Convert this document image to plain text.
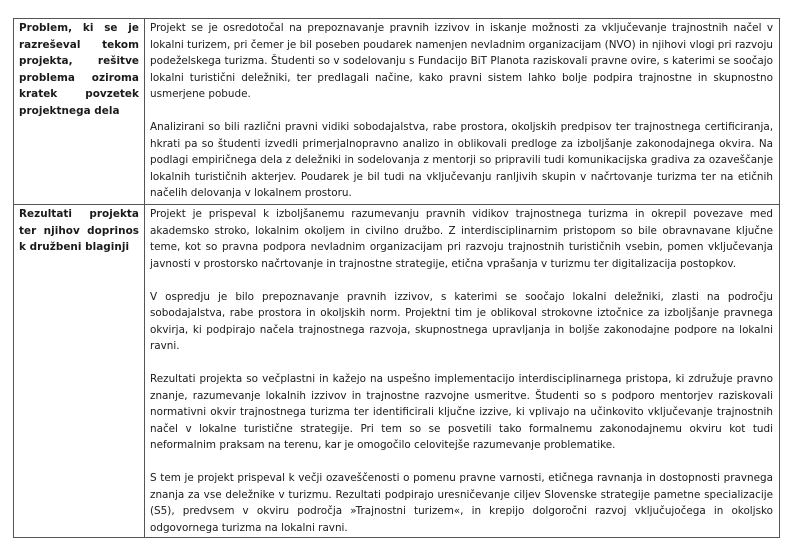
Problem, ki se je razreševal tekom projekta, rešitve problema oziroma kratek povzetek projektnega dela	Projekt se je osredotočal na prepoznavanje pravnih izzivov in iskanje možnosti za vključevanje trajnostnih načel v lokalni turizem, pri čemer je bil poseben poudarek namenjen nevladnim organizacijam (NVO) in njihovi vlogi pri razvoju podeželskega turizma. Študenti so v sodelovanju s Fundacijo BiT Planota raziskovali pravne ovire, s katerimi se soočajo lokalni turistični deležniki, ter predlagali načine, kako pravni sistem lahko bolje podpira trajnostne in skupnostno usmerjene pobude.

Analizirani so bili različni pravni vidiki sobodajalstva, rabe prostora, okoljskih predpisov ter trajnostnega certificiranja, hkrati pa so študenti izvedli primerjalnopravno analizo in oblikovali predloge za izboljšanje zakonodajnega okvira. Na podlagi empiričnega dela z deležniki in sodelovanja z mentorji so pripravili tudi komunikacijska gradiva za ozaveščanje lokalnih turističnih akterjev. Poudarek je bil tudi na vključevanju ranljivih skupin v načrtovanje turizma ter na etičnih načelih delovanja v lokalnem prostoru.

Rezultati projekta ter njihov doprinos k družbeni blaginji	Projekt je prispeval k izboljšanemu razumevanju pravnih vidikov trajnostnega turizma in okrepil povezave med akademsko stroko, lokalnim okoljem in civilno družbo. Z interdisciplinarnim pristopom so bile obravnavane ključne teme, kot so pravna podpora nevladnim organizacijam pri razvoju trajnostnih turističnih vsebin, pomen vključevanja javnosti v prostorsko načrtovanje in trajnostne strategije, etična vprašanja v turizmu ter digitalizacija postopkov.

V ospredju je bilo prepoznavanje pravnih izzivov, s katerimi se soočajo lokalni deležniki, zlasti na področju sobodajalstva, rabe prostora in okoljskih norm. Projektni tim je oblikoval strokovne iztočnice za izboljšanje pravnega okvirja, ki podpirajo načela trajnostnega razvoja, skupnostnega upravljanja in boljše zakonodajne podpore na lokalni ravni.

Rezultati projekta so večplastni in kažejo na uspešno implementacijo interdisciplinarnega pristopa, ki združuje pravno znanje, razumevanje lokalnih izzivov in trajnostne razvojne usmeritve. Študenti so s podporo mentorjev raziskovali normativni okvir trajnostnega turizma ter identificirali ključne izzive, ki vplivajo na učinkovito vključevanje trajnostnih načel v lokalne turistične strategije. Pri tem so se posvetili tako formalnemu zakonodajnemu okviru kot tudi neformalnim praksam na terenu, kar je omogočilo celovitejše razumevanje problematike.

S tem je projekt prispeval k večji ozaveščenosti o pomenu pravne varnosti, etičnega ravnanja in dostopnosti pravnega znanja za vse deležnike v turizmu. Rezultati podpirajo uresničevanje ciljev Slovenske strategije pametne specializacije (S5), predvsem v okviru področja »Trajnostni turizem«, in krepijo dolgoročni razvoj vključujočega in okoljsko odgovornega turizma na lokalni ravni.
